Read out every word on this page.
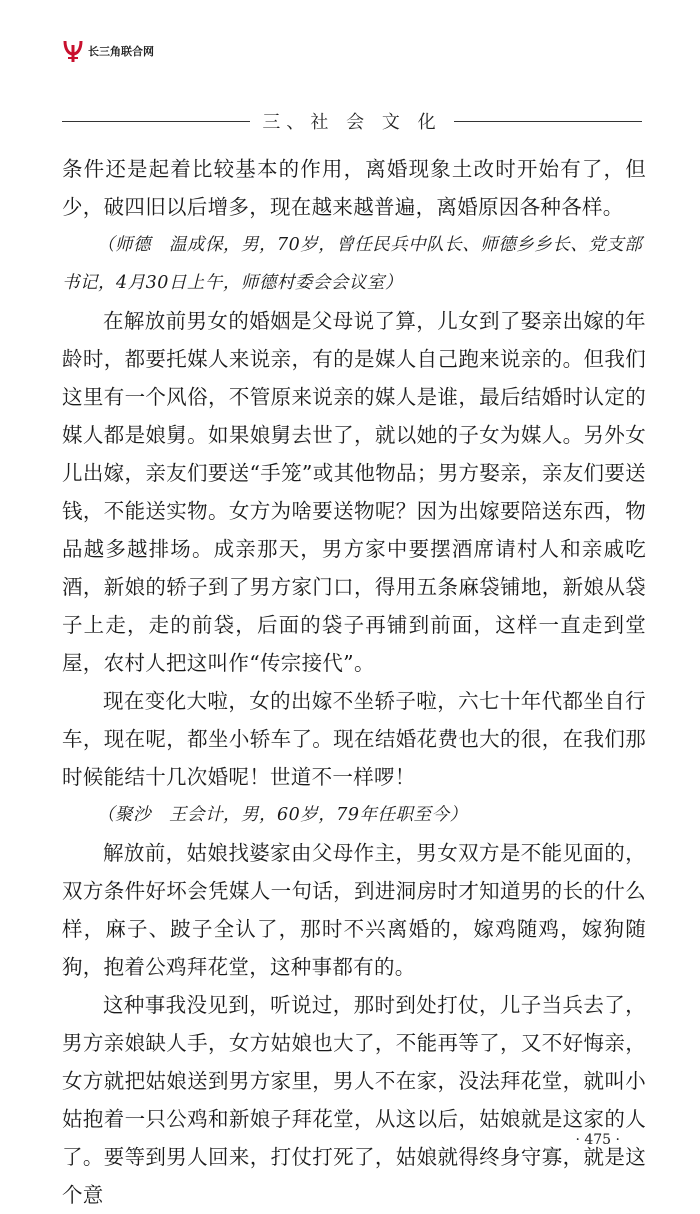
长三角联合网
三、社 会 文 化

条件还是起着比较基本的作用，离婚现象土改时开始有了，但少，破四旧以后增多，现在越来越普遍，离婚原因各种各样。

（师德　温成保，男，70岁，曾任民兵中队长、师德乡乡长、党支部书记，4月30日上午，师德村委会会议室）

在解放前男女的婚姻是父母说了算，儿女到了娶亲出嫁的年龄时，都要托媒人来说亲，有的是媒人自己跑来说亲的。但我们这里有一个风俗，不管原来说亲的媒人是谁，最后结婚时认定的媒人都是娘舅。如果娘舅去世了，就以她的子女为媒人。另外女儿出嫁，亲友们要送“手笼”或其他物品；男方娶亲，亲友们要送钱，不能送实物。女方为啥要送物呢？因为出嫁要陪送东西，物品越多越排场。成亲那天，男方家中要摆酒席请村人和亲戚吃酒，新娘的轿子到了男方家门口，得用五条麻袋铺地，新娘从袋子上走，走的前袋，后面的袋子再铺到前面，这样一直走到堂屋，农村人把这叫作“传宗接代”。

现在变化大啦，女的出嫁不坐轿子啦，六七十年代都坐自行车，现在呢，都坐小轿车了。现在结婚花费也大的很，在我们那时候能结十几次婚呢！世道不一样啰！

（聚沙　王会计，男，60岁，79年任职至今）

解放前，姑娘找婆家由父母作主，男女双方是不能见面的，双方条件好坏会凭媒人一句话，到进洞房时才知道男的长的什么样，麻子、跛子全认了，那时不兴离婚的，嫁鸡随鸡，嫁狗随狗，抱着公鸡拜花堂，这种事都有的。

这种事我没见到，听说过，那时到处打仗，儿子当兵去了，男方亲娘缺人手，女方姑娘也大了，不能再等了，又不好悔亲，女方就把姑娘送到男方家里，男人不在家，没法拜花堂，就叫小姑抱着一只公鸡和新娘子拜花堂，从这以后，姑娘就是这家的人了。要等到男人回来，打仗打死了，姑娘就得终身守寡，就是这个意

· 475 ·
